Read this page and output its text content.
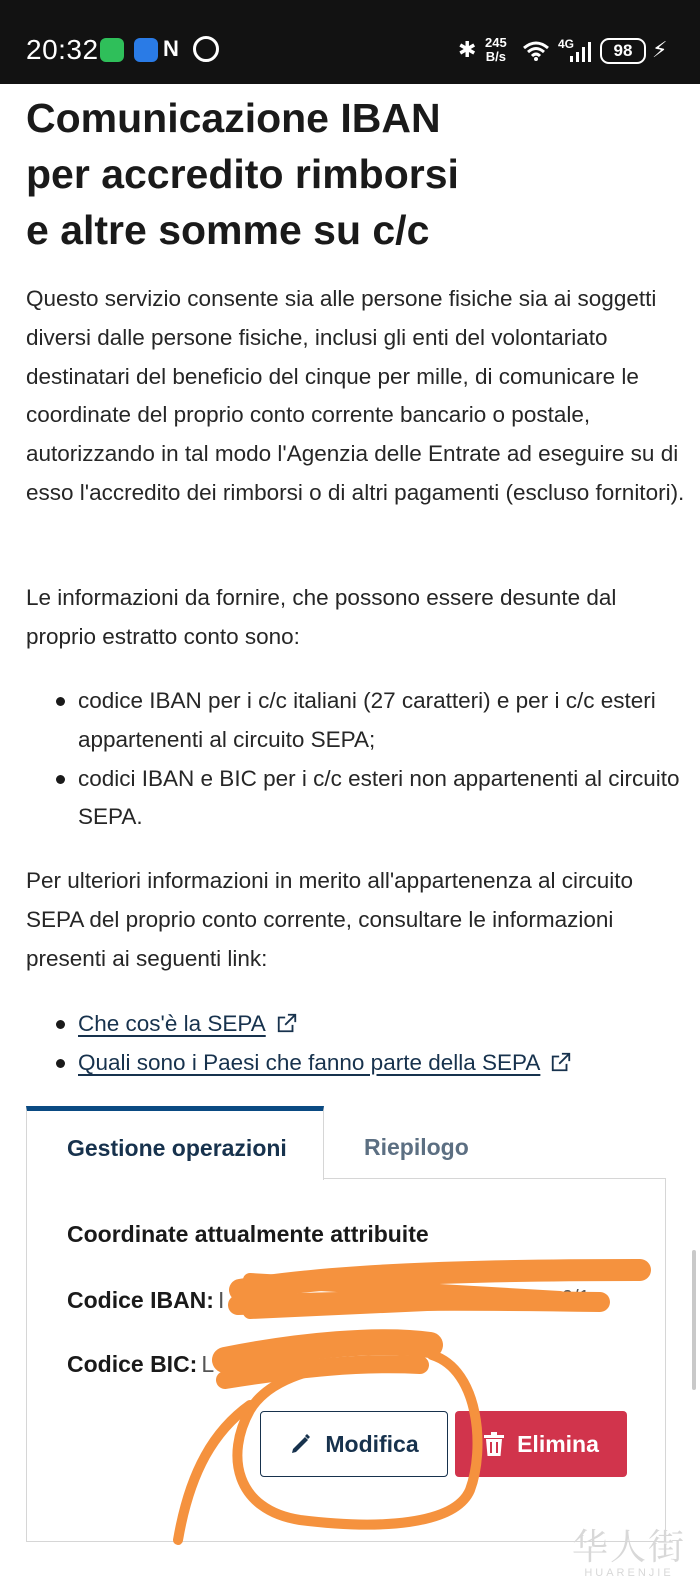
20:32	N	✱ 245
B/s
4G	98 ⚡
Comunicazione IBAN
per accredito rimborsi
e altre somme su c/c

Questo servizio consente sia alle persone fisiche sia ai soggetti diversi dalle persone fisiche, inclusi gli enti del volontariato destinatari del beneficio del cinque per mille, di comunicare le coordinate del proprio conto corrente bancario o postale, autorizzando in tal modo l'Agenzia delle Entrate ad eseguire su di esso l'accredito dei rimborsi o di altri pagamenti (escluso fornitori).

Le informazioni da fornire, che possono essere desunte dal proprio estratto conto sono:

codice IBAN per i c/c italiani (27 caratteri) e per i c/c esteri appartenenti al circuito SEPA;
codici IBAN e BIC per i c/c esteri non appartenenti al circuito SEPA.

Per ulteriori informazioni in merito all'appartenenza al circuito SEPA del proprio conto corrente, consultare le informazioni presenti ai seguenti link:

Che cos'è la SEPA
Quali sono i Paesi che fanno parte della SEPA
Gestione operazioni	Riepilogo
Coordinate attualmente attribuite
Codice IBAN: I	9/1
Codice BIC: L
Modifica	Elimina
华人街
HUARENJIE
